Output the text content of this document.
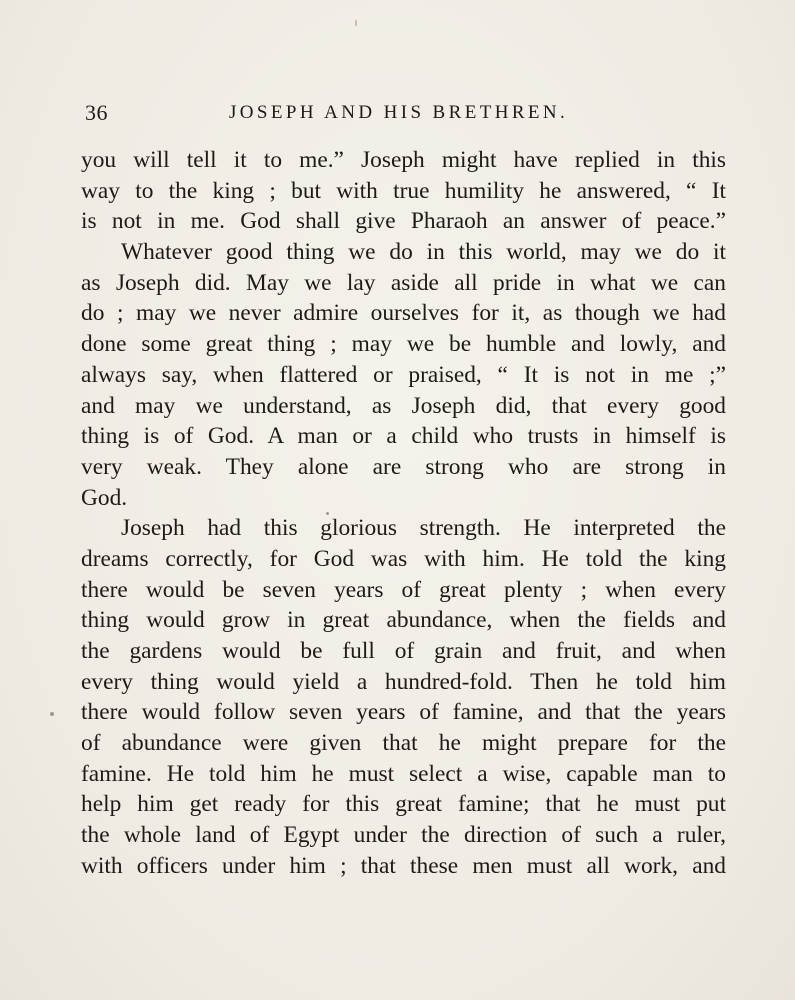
36	JOSEPH AND HIS BRETHREN.
you will tell it to me.” Joseph might have replied in this
way to the king ; but with true humility he answered, “ It
is not in me. God shall give Pharaoh an answer of peace.”
Whatever good thing we do in this world, may we do it
as Joseph did. May we lay aside all pride in what we can
do ; may we never admire ourselves for it, as though we had
done some great thing ; may we be humble and lowly, and
always say, when flattered or praised, “ It is not in me ;”
and may we understand, as Joseph did, that every good
thing is of God. A man or a child who trusts in himself is
very weak. They alone are strong who are strong in
God.
Joseph had this glorious strength. He interpreted the
dreams correctly, for God was with him. He told the king
there would be seven years of great plenty ; when every
thing would grow in great abundance, when the fields and
the gardens would be full of grain and fruit, and when
every thing would yield a hundred-fold. Then he told him
there would follow seven years of famine, and that the years
of abundance were given that he might prepare for the
famine. He told him he must select a wise, capable man to
help him get ready for this great famine; that he must put
the whole land of Egypt under the direction of such a ruler,
with officers under him ; that these men must all work, and
